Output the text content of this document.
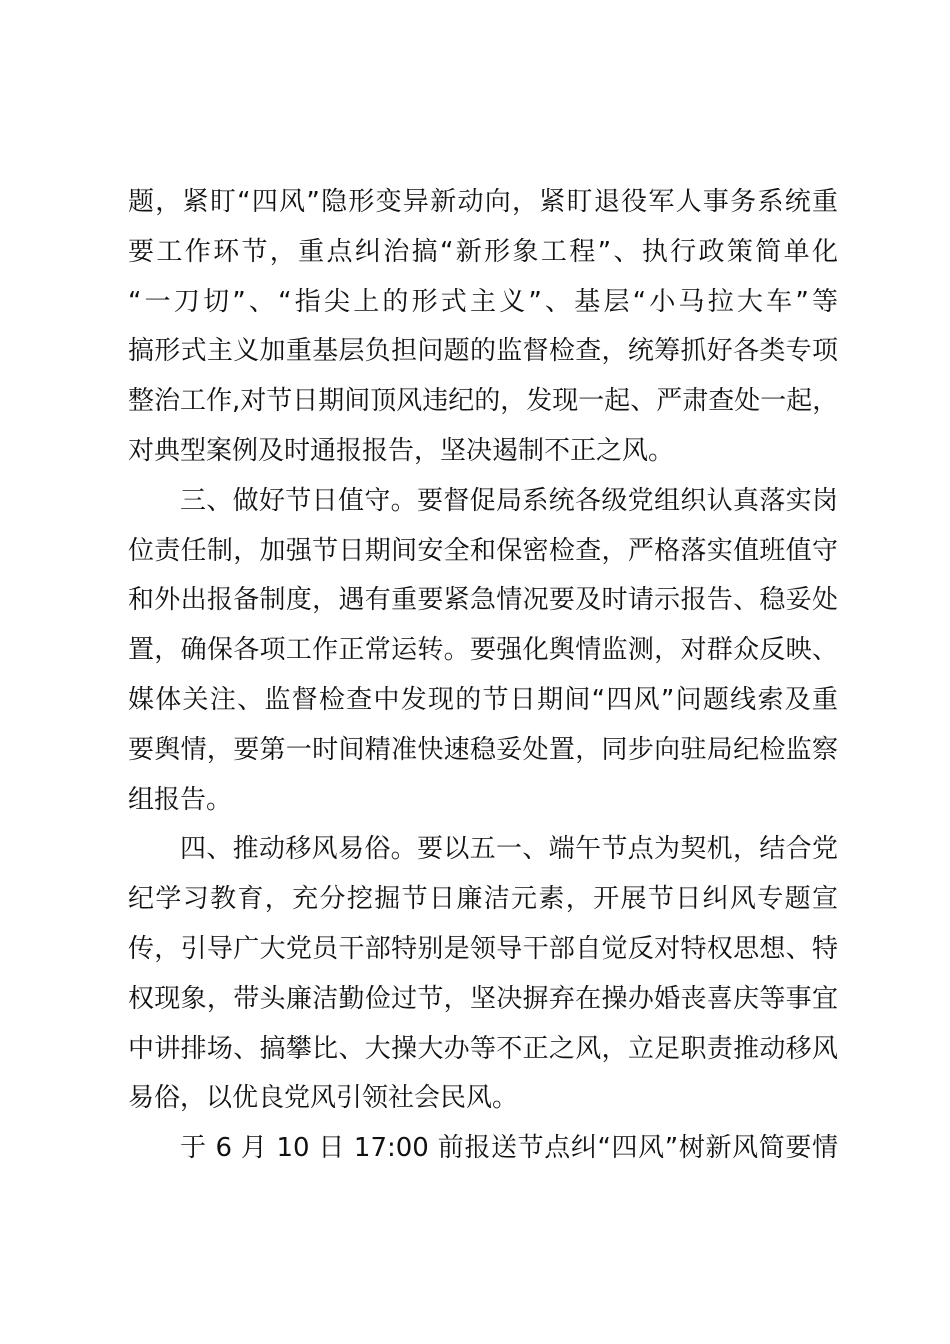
题，紧盯“四风”隐形变异新动向，紧盯退役军人事务系统重
要工作环节，重点纠治搞“新形象工程”、执行政策简单化
“一刀切”、“指尖上的形式主义”、基层“小马拉大车”等
搞形式主义加重基层负担问题的监督检查，统筹抓好各类专项
整治工作,对节日期间顶风违纪的，发现一起、严肃查处一起，
对典型案例及时通报报告，坚决遏制不正之风。
三、做好节日值守。要督促局系统各级党组织认真落实岗
位责任制，加强节日期间安全和保密检查，严格落实值班值守
和外出报备制度，遇有重要紧急情况要及时请示报告、稳妥处
置，确保各项工作正常运转。要强化舆情监测，对群众反映、
媒体关注、监督检查中发现的节日期间“四风”问题线索及重
要舆情，要第一时间精准快速稳妥处置，同步向驻局纪检监察
组报告。
四、推动移风易俗。要以五一、端午节点为契机，结合党
纪学习教育，充分挖掘节日廉洁元素，开展节日纠风专题宣
传，引导广大党员干部特别是领导干部自觉反对特权思想、特
权现象，带头廉洁勤俭过节，坚决摒弃在操办婚丧喜庆等事宜
中讲排场、搞攀比、大操大办等不正之风，立足职责推动移风
易俗，以优良党风引领社会民风。
于 6 月 10 日 17:00 前报送节点纠“四风”树新风简要情
